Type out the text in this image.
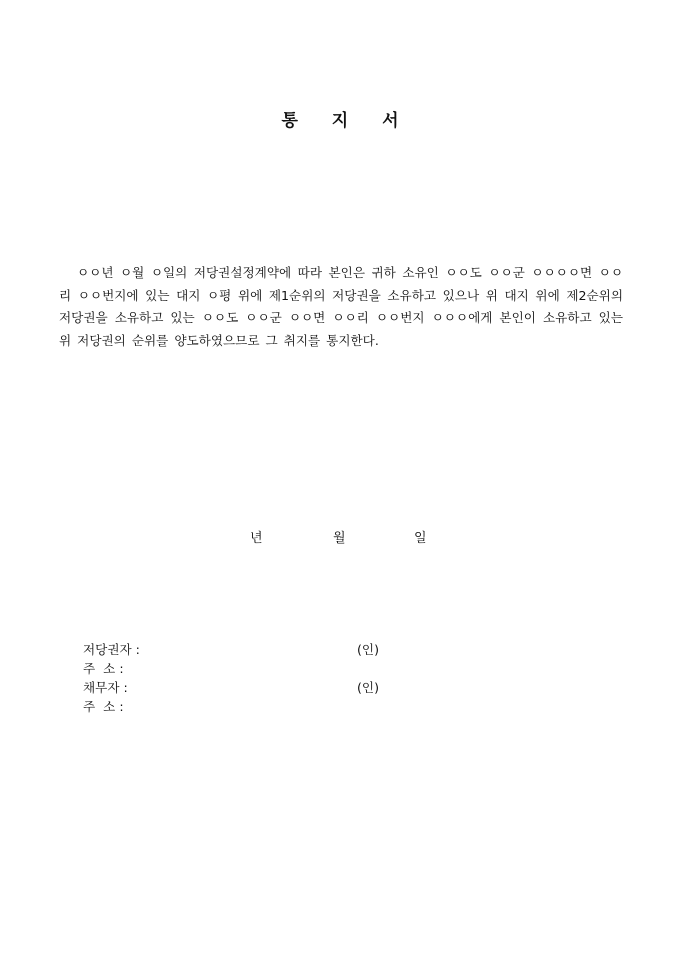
통 지 서

ㅇㅇ년 ㅇ월 ㅇ일의 저당권설정계약에 따라 본인은 귀하 소유인 ㅇㅇ도 ㅇㅇ군 ㅇㅇㅇㅇ면 ㅇㅇ리 ㅇㅇ번지에 있는 대지 ㅇ평 위에 제1순위의 저당권을 소유하고 있으나 위 대지 위에 제2순위의 저당권을 소유하고 있는 ㅇㅇ도 ㅇㅇ군 ㅇㅇ면 ㅇㅇ리 ㅇㅇ번지 ㅇㅇㅇ에게 본인이 소유하고 있는 위 저당권의 순위를 양도하였으므로 그 취지를 통지한다.

년	월	일
저당권자 :	(인)
주  소 :
채무자 :	(인)
주  소 :
